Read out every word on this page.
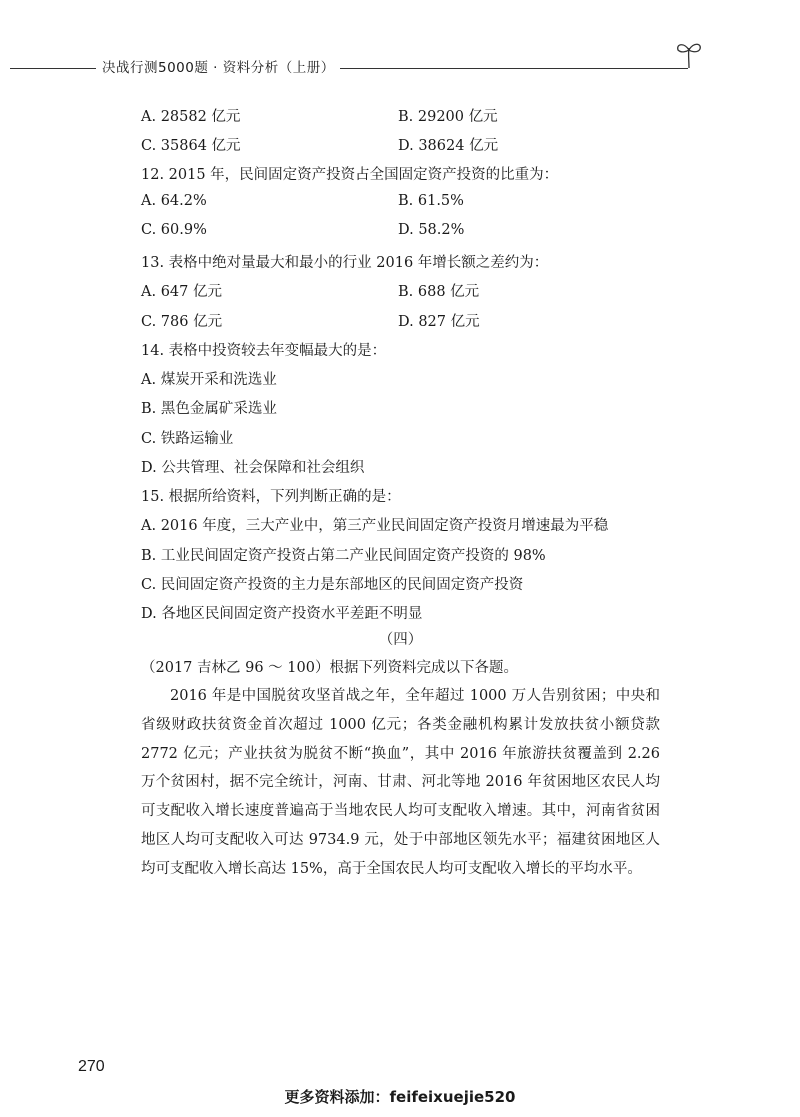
决战行测5000题 · 资料分析（上册）
A. 28582 亿元	B. 29200 亿元
C. 35864 亿元	D. 38624 亿元
12. 2015 年，民间固定资产投资占全国固定资产投资的比重为：
A. 64.2%	B. 61.5%
C. 60.9%	D. 58.2%
13. 表格中绝对量最大和最小的行业 2016 年增长额之差约为：
A. 647 亿元	B. 688 亿元
C. 786 亿元	D. 827 亿元
14. 表格中投资较去年变幅最大的是：
A. 煤炭开采和洗选业
B. 黑色金属矿采选业
C. 铁路运输业
D. 公共管理、社会保障和社会组织
15. 根据所给资料，下列判断正确的是：
A. 2016 年度，三大产业中，第三产业民间固定资产投资月增速最为平稳
B. 工业民间固定资产投资占第二产业民间固定资产投资的 98%
C. 民间固定资产投资的主力是东部地区的民间固定资产投资
D. 各地区民间固定资产投资水平差距不明显
（四）
（2017 吉林乙 96 ～ 100）根据下列资料完成以下各题。

2016 年是中国脱贫攻坚首战之年，全年超过 1000 万人告别贫困；中央和省级财政扶贫资金首次超过 1000 亿元；各类金融机构累计发放扶贫小额贷款 2772 亿元；产业扶贫为脱贫不断“换血”，其中 2016 年旅游扶贫覆盖到 2.26 万个贫困村，据不完全统计，河南、甘肃、河北等地 2016 年贫困地区农民人均可支配收入增长速度普遍高于当地农民人均可支配收入增速。其中，河南省贫困地区人均可支配收入可达 9734.9 元，处于中部地区领先水平；福建贫困地区人均可支配收入增长高达 15%，高于全国农民人均可支配收入增长的平均水平。

270
更多资料添加：feifeixuejie520
